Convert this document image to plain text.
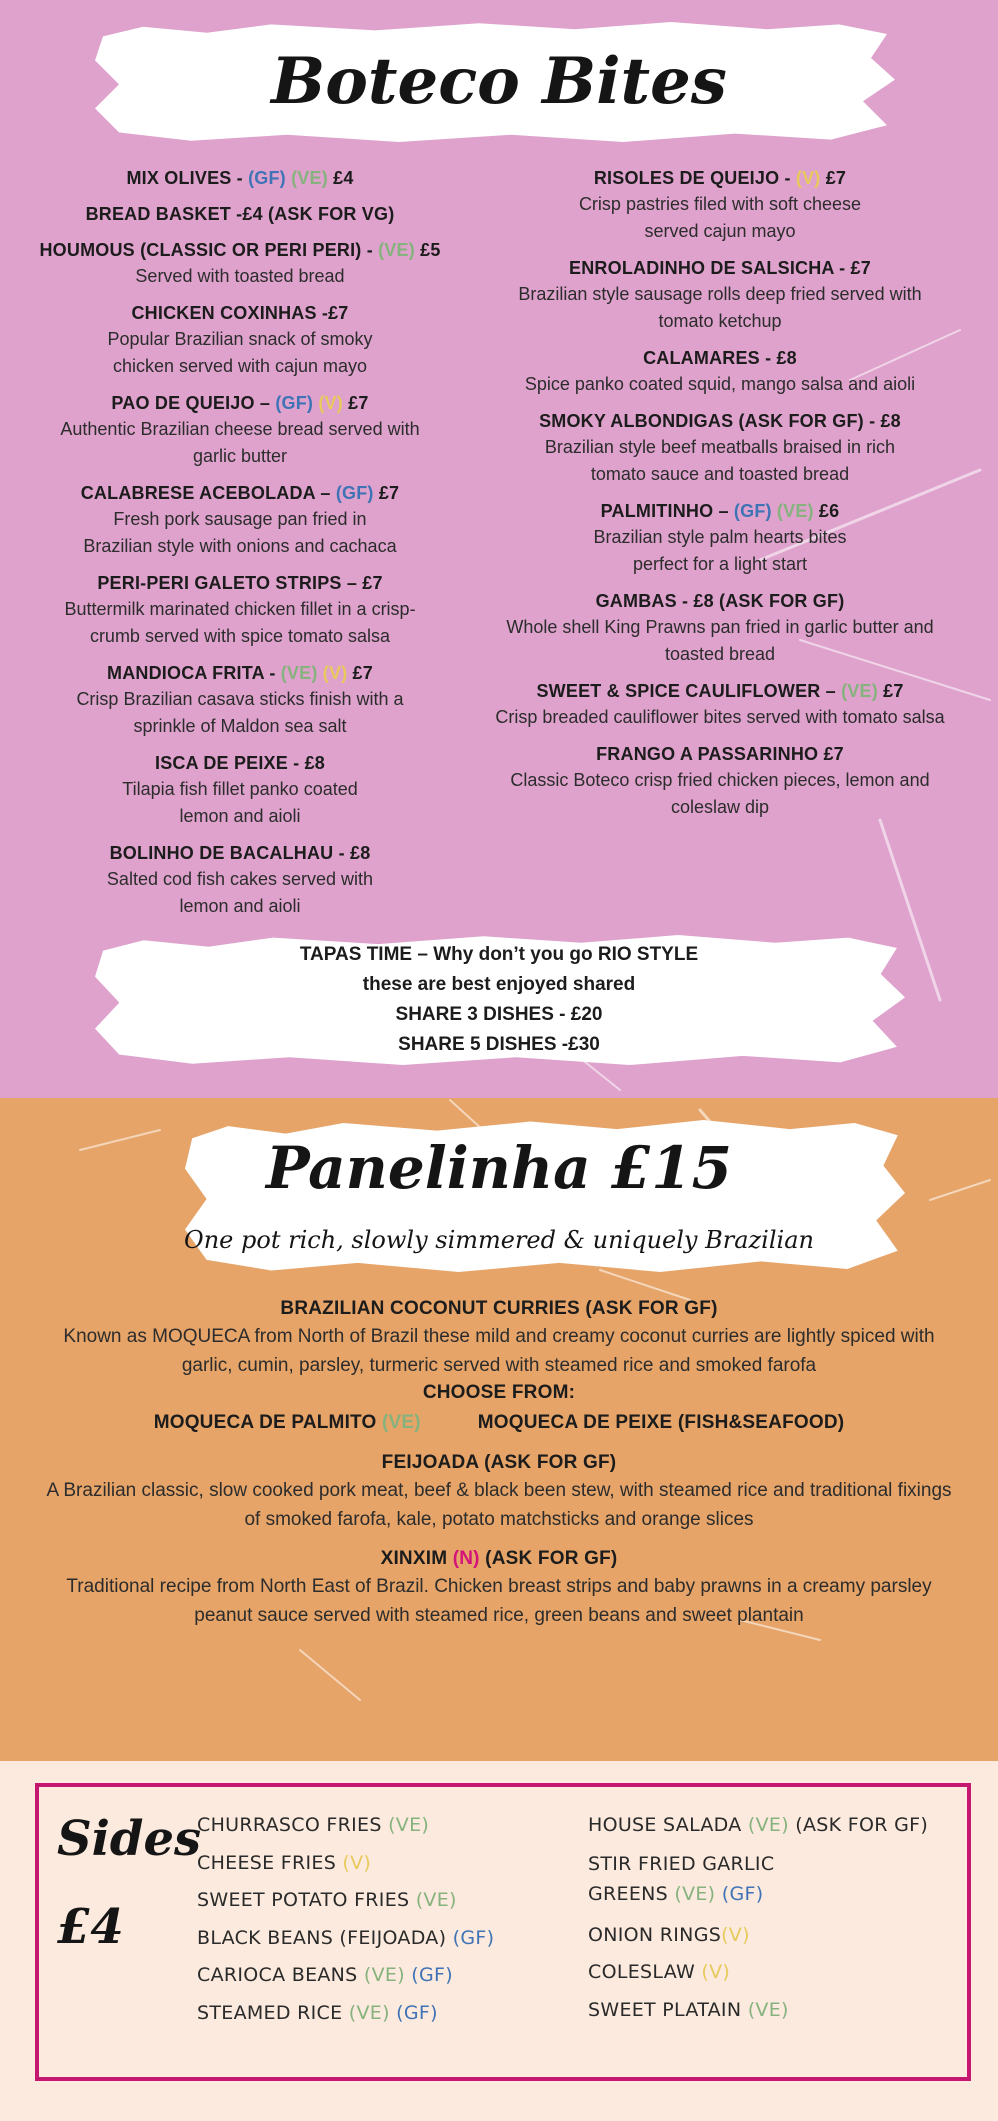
Boteco Bites
MIX OLIVES - (GF) (VE) £4
BREAD BASKET -£4 (ASK FOR VG)
HOUMOUS (CLASSIC OR PERI PERI) - (VE) £5
Served with toasted bread
CHICKEN COXINHAS -£7
Popular Brazilian snack of smoky
chicken served with cajun mayo
PAO DE QUEIJO – (GF) (V) £7
Authentic Brazilian cheese bread served with
garlic butter
CALABRESE ACEBOLADA – (GF) £7
Fresh pork sausage pan fried in
Brazilian style with onions and cachaca
PERI-PERI GALETO STRIPS – £7
Buttermilk marinated chicken fillet in a crisp-
crumb served with spice tomato salsa
MANDIOCA FRITA - (VE) (V) £7
Crisp Brazilian casava sticks finish with a
sprinkle of Maldon sea salt
ISCA DE PEIXE - £8
Tilapia fish fillet panko coated
lemon and aioli
BOLINHO DE BACALHAU - £8
Salted cod fish cakes served with
lemon and aioli
RISOLES DE QUEIJO - (V) £7
Crisp pastries filed with soft cheese
served cajun mayo
ENROLADINHO DE SALSICHA - £7
Brazilian style sausage rolls deep fried served with
tomato ketchup
CALAMARES - £8
Spice panko coated squid, mango salsa and aioli
SMOKY ALBONDIGAS (ASK FOR GF) - £8
Brazilian style beef meatballs braised in rich
tomato sauce and toasted bread
PALMITINHO – (GF) (VE) £6
Brazilian style palm hearts bites
perfect for a light start
GAMBAS - £8 (ASK FOR GF)
Whole shell King Prawns pan fried in garlic butter and
toasted bread
SWEET & SPICE CAULIFLOWER – (VE) £7
Crisp breaded cauliflower bites served with tomato salsa
FRANGO A PASSARINHO £7
Classic Boteco crisp fried chicken pieces, lemon and
coleslaw dip
TAPAS TIME – Why don’t you go RIO STYLE
these are best enjoyed shared
SHARE 3 DISHES - £20
SHARE 5 DISHES -£30
Panelinha £15
One pot rich, slowly simmered & uniquely Brazilian
BRAZILIAN COCONUT CURRIES (ASK FOR GF)
Known as MOQUECA from North of Brazil these mild and creamy coconut curries are lightly spiced with garlic, cumin, parsley, turmeric served with steamed rice and smoked farofa
CHOOSE FROM:
MOQUECA DE PALMITO (VE)	MOQUECA DE PEIXE (FISH&SEAFOOD)
FEIJOADA (ASK FOR GF)
A Brazilian classic, slow cooked pork meat, beef & black been stew, with steamed rice and traditional fixings of smoked farofa, kale, potato matchsticks and orange slices
XINXIM (N) (ASK FOR GF)
Traditional recipe from North East of Brazil. Chicken breast strips and baby prawns in a creamy parsley peanut sauce served with steamed rice, green beans and sweet plantain
Sides
£4
CHURRASCO FRIES (VE)
CHEESE FRIES (V)
SWEET POTATO FRIES (VE)
BLACK BEANS (FEIJOADA) (GF)
CARIOCA BEANS (VE) (GF)
STEAMED RICE (VE) (GF)
HOUSE SALADA (VE) (ASK FOR GF)
STIR FRIED GARLIC
GREENS (VE) (GF)
ONION RINGS(V)
COLESLAW (V)
SWEET PLATAIN (VE)
